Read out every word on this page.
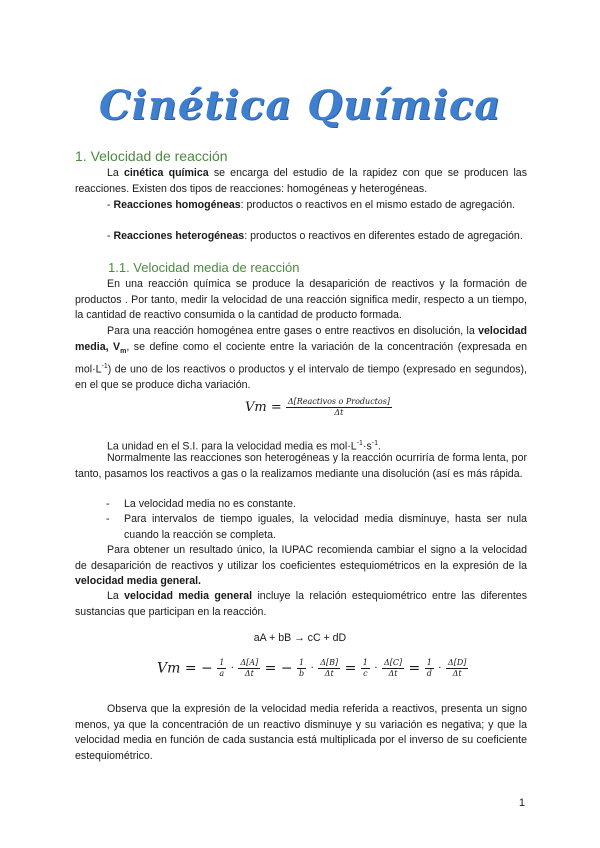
Cinética Química
1. Velocidad de reacción
La cinética química se encarga del estudio de la rapidez con que se producen las reacciones. Existen dos tipos de reacciones: homogéneas y heterogéneas.
- Reacciones homogéneas: productos o reactivos en el mismo estado de agregación.
- Reacciones heterogéneas: productos o reactivos en diferentes estado de agregación.
1.1. Velocidad media de reacción
En una reacción química se produce la desaparición de reactivos y la formación de productos . Por tanto, medir la velocidad de una reacción significa medir, respecto a un tiempo, la cantidad de reactivo consumida o la cantidad de producto formada.
Para una reacción homogénea entre gases o entre reactivos en disolución, la velocidad media, $V_m$, se define como el cociente entre la variación de la concentración (expresada en $mol\cdot L^{-1}$) de uno de los reactivos o productos y el intervalo de tiempo (expresado en segundos), en el que se produce dicha variación.
$Vm = \frac{\text{Δ[Reactivos o Productos]}}{\Delta t}$
La unidad en el S.I. para la velocidad media es $mol\cdot L^{-1}\cdot s^{-1}$.
Normalmente las reacciones son heterogéneas y la reacción ocurriría de forma lenta, por tanto, pasamos los reactivos a gas o la realizamos mediante una disolución (así es más rápida.
- La velocidad media no es constante.
- Para intervalos de tiempo iguales, la velocidad media disminuye, hasta ser nula cuando la reacción se completa.
Para obtener un resultado único, la IUPAC recomienda cambiar el signo a la velocidad de desaparición de reactivos y utilizar los coeficientes estequiométricos en la expresión de la velocidad media general.
La velocidad media general incluye la relación estequiométrico entre las diferentes sustancias que participan en la reacción.
aA + bB → cC + dD
Vm = − $\frac{1}{a} \cdot \frac{\Delta[A]}{\Delta t}$ = − $\frac{1}{b} \cdot \frac{\Delta[B]}{\Delta t} = \frac{1}{c} \cdot \frac{\Delta[C]}{\Delta t} = \frac{1}{d} \cdot \frac{\Delta[D]}{\Delta t}$
Observa que la expresión de la velocidad media referida a reactivos, presenta un signo menos, ya que la concentración de un reactivo disminuye y su variación es negativa; y que la velocidad media en función de cada sustancia está multiplicada por el inverso de su coeficiente estequiométrico.
1
